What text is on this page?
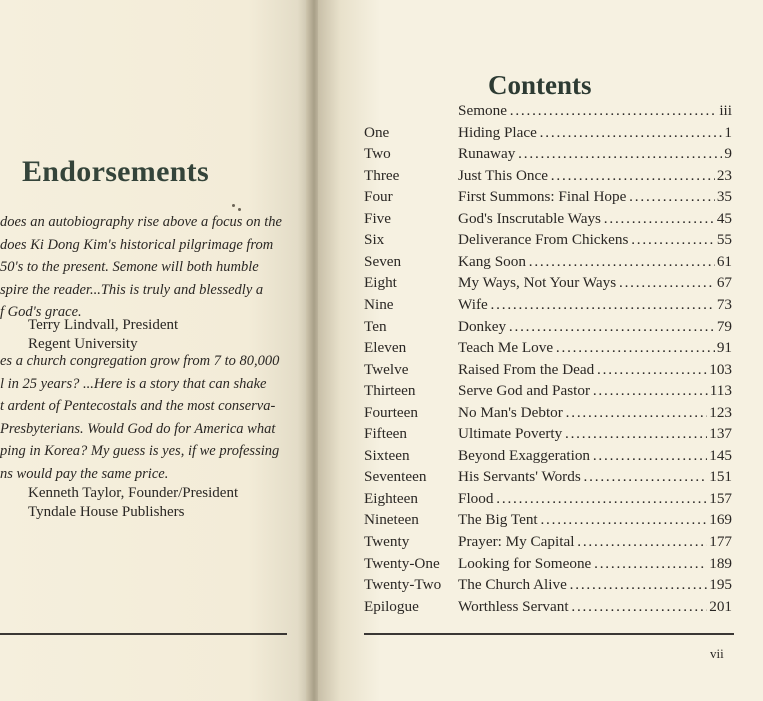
Endorsements
does an autobiography rise above a focus on the
does Ki Dong Kim's historical pilgrimage from
50's to the present. Semone will both humble
spire the reader...This is truly and blessedly a
f God's grace.
Terry Lindvall, President
Regent University
es a church congregation grow from 7 to 80,000
l in 25 years? ...Here is a story that can shake
t ardent of Pentecostals and the most conserva-
Presbyterians. Would God do for America what
ping in Korea? My guess is yes, if we professing
ns would pay the same price.
Kenneth Taylor, Founder/President
Tyndale House Publishers
Contents
Semone . . .	iii
One	Hiding Place . . .	1
Two	Runaway . . .	9
Three	Just This Once . . .	23
Four	First Summons: Final Hope . . .	35
Five	God's Inscrutable Ways . . .	45
Six	Deliverance From Chickens . . .	55
Seven	Kang Soon . . .	61
Eight	My Ways, Not Your Ways . . .	67
Nine	Wife . . .	73
Ten	Donkey . . .	79
Eleven	Teach Me Love . . .	91
Twelve	Raised From the Dead . . .	103
Thirteen	Serve God and Pastor . . .	113
Fourteen	No Man's Debtor . . .	123
Fifteen	Ultimate Poverty . . .	137
Sixteen	Beyond Exaggeration . . .	145
Seventeen His Servants' Words . . .	151
Eighteen	Flood . . .	157
Nineteen	The Big Tent . . .	169
Twenty	Prayer: My Capital . . .	177
Twenty-One Looking for Someone . . .	189
Twenty-Two The Church Alive . . .	195
Epilogue	Worthless Servant . . .	201
vii
